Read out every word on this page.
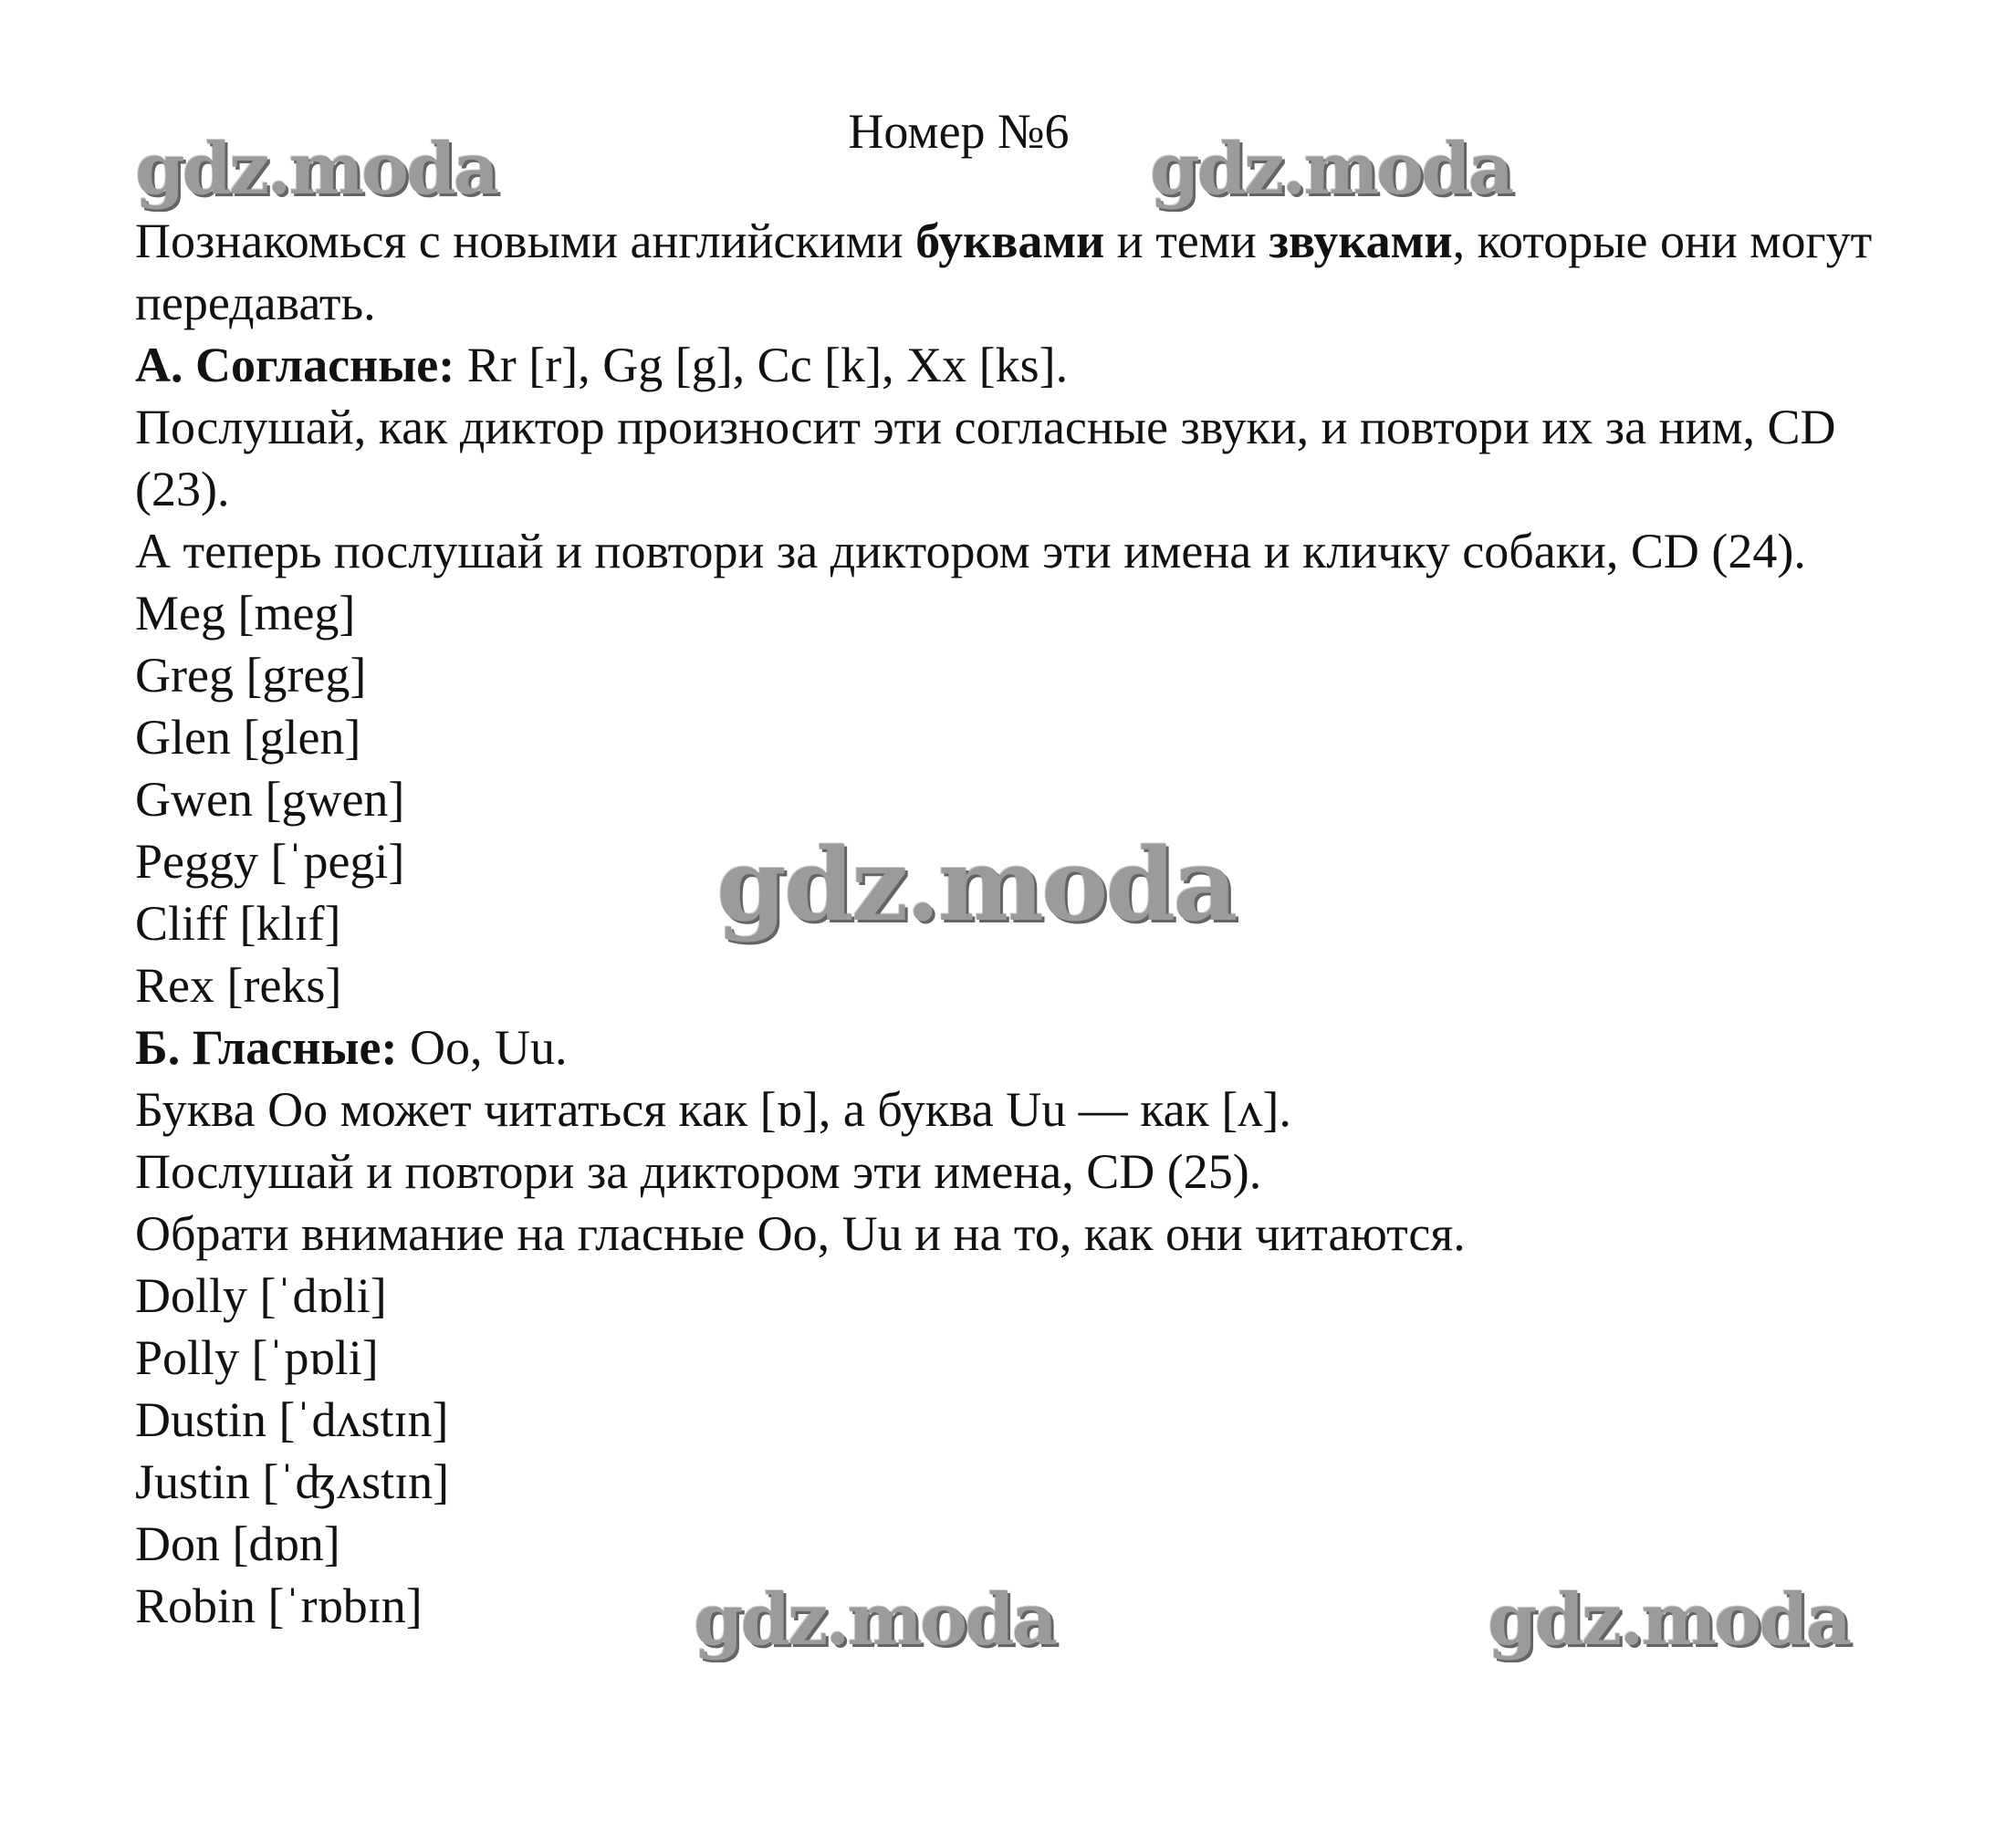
Номер №6

Познакомься с новыми английскими буквами и теми звуками, которые они могут передавать.

А. Согласные: Rr [r], Gg [g], Cc [k], Xx [ks].

Послушай, как диктор произносит эти согласные звуки, и повтори их за ним, CD (23).

А теперь послушай и повтори за диктором эти имена и кличку собаки, CD (24).

Meg [meg]

Greg [greg]

Glen [glen]

Gwen [gwen]

Peggy [ˈpegi]

Cliff [klɪf]

Rex [reks]

Б. Гласные: Oo, Uu.

Буква Oo может читаться как [ɒ], а буква Uu — как [ʌ].

Послушай и повтори за диктором эти имена, CD (25).

Обрати внимание на гласные Oo, Uu и на то, как они читаются.

Dolly [ˈdɒli]

Polly [ˈpɒli]

Dustin [ˈdʌstɪn]

Justin [ˈʤʌstɪn]

Don [dɒn]

Robin [ˈrɒbɪn]

gdz.moda	gdz.moda
gdz.moda
gdz.moda	gdz.moda
